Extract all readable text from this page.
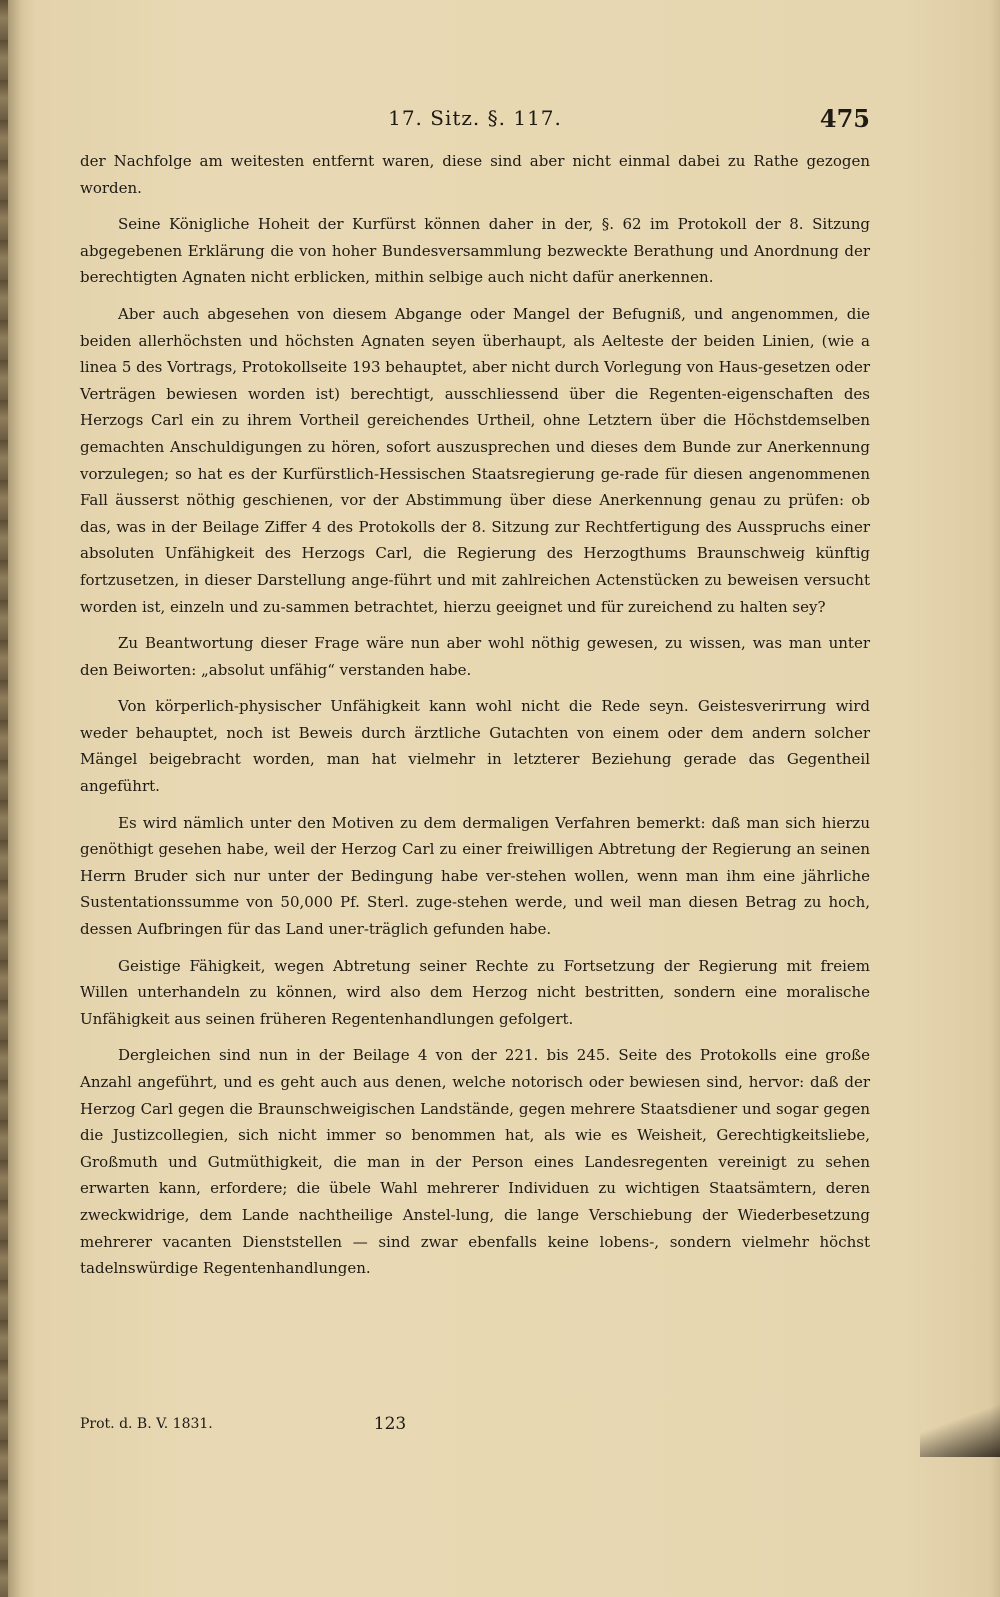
17. Sitz. §. 117.	475

der Nachfolge am weitesten entfernt waren, diese sind aber nicht einmal dabei zu Rathe gezogen worden.

Seine Königliche Hoheit der Kurfürst können daher in der, §. 62 im Protokoll der 8. Sitzung abgegebenen Erklärung die von hoher Bundesversammlung bezweckte Berathung und Anordnung der berechtigten Agnaten nicht erblicken, mithin selbige auch nicht dafür anerkennen.

Aber auch abgesehen von diesem Abgange oder Mangel der Befugniß, und angenommen, die beiden allerhöchsten und höchsten Agnaten seyen überhaupt, als Aelteste der beiden Linien, (wie a linea 5 des Vortrags, Protokollseite 193 behauptet, aber nicht durch Vorlegung von Haus-gesetzen oder Verträgen bewiesen worden ist) berechtigt, ausschliessend über die Regenten-eigenschaften des Herzogs Carl ein zu ihrem Vortheil gereichendes Urtheil, ohne Letztern über die Höchstdemselben gemachten Anschuldigungen zu hören, sofort auszusprechen und dieses dem Bunde zur Anerkennung vorzulegen; so hat es der Kurfürstlich-Hessischen Staatsregierung ge-rade für diesen angenommenen Fall äusserst nöthig geschienen, vor der Abstimmung über diese Anerkennung genau zu prüfen: ob das, was in der Beilage Ziffer 4 des Protokolls der 8. Sitzung zur Rechtfertigung des Ausspruchs einer absoluten Unfähigkeit des Herzogs Carl, die Regierung des Herzogthums Braunschweig künftig fortzusetzen, in dieser Darstellung ange-führt und mit zahlreichen Actenstücken zu beweisen versucht worden ist, einzeln und zu-sammen betrachtet, hierzu geeignet und für zureichend zu halten sey?

Zu Beantwortung dieser Frage wäre nun aber wohl nöthig gewesen, zu wissen, was man unter den Beiworten: „absolut unfähig“ verstanden habe.

Von körperlich-physischer Unfähigkeit kann wohl nicht die Rede seyn. Geistesverirrung wird weder behauptet, noch ist Beweis durch ärztliche Gutachten von einem oder dem andern solcher Mängel beigebracht worden, man hat vielmehr in letzterer Beziehung gerade das Gegentheil angeführt.

Es wird nämlich unter den Motiven zu dem dermaligen Verfahren bemerkt: daß man sich hierzu genöthigt gesehen habe, weil der Herzog Carl zu einer freiwilligen Abtretung der Regierung an seinen Herrn Bruder sich nur unter der Bedingung habe ver-stehen wollen, wenn man ihm eine jährliche Sustentationssumme von 50,000 Pf. Sterl. zuge-stehen werde, und weil man diesen Betrag zu hoch, dessen Aufbringen für das Land uner-träglich gefunden habe.

Geistige Fähigkeit, wegen Abtretung seiner Rechte zu Fortsetzung der Regierung mit freiem Willen unterhandeln zu können, wird also dem Herzog nicht bestritten, sondern eine moralische Unfähigkeit aus seinen früheren Regentenhandlungen gefolgert.

Dergleichen sind nun in der Beilage 4 von der 221. bis 245. Seite des Protokolls eine große Anzahl angeführt, und es geht auch aus denen, welche notorisch oder bewiesen sind, hervor: daß der Herzog Carl gegen die Braunschweigischen Landstände, gegen mehrere Staatsdiener und sogar gegen die Justizcollegien, sich nicht immer so benommen hat, als wie es Weisheit, Gerechtigkeitsliebe, Großmuth und Gutmüthigkeit, die man in der Person eines Landesregenten vereinigt zu sehen erwarten kann, erfordere; die übele Wahl mehrerer Individuen zu wichtigen Staatsämtern, deren zweckwidrige, dem Lande nachtheilige Anstel-lung, die lange Verschiebung der Wiederbesetzung mehrerer vacanten Dienststellen — sind zwar ebenfalls keine lobens-, sondern vielmehr höchst tadelnswürdige Regentenhandlungen.

Prot. d. B. V. 1831.	123
